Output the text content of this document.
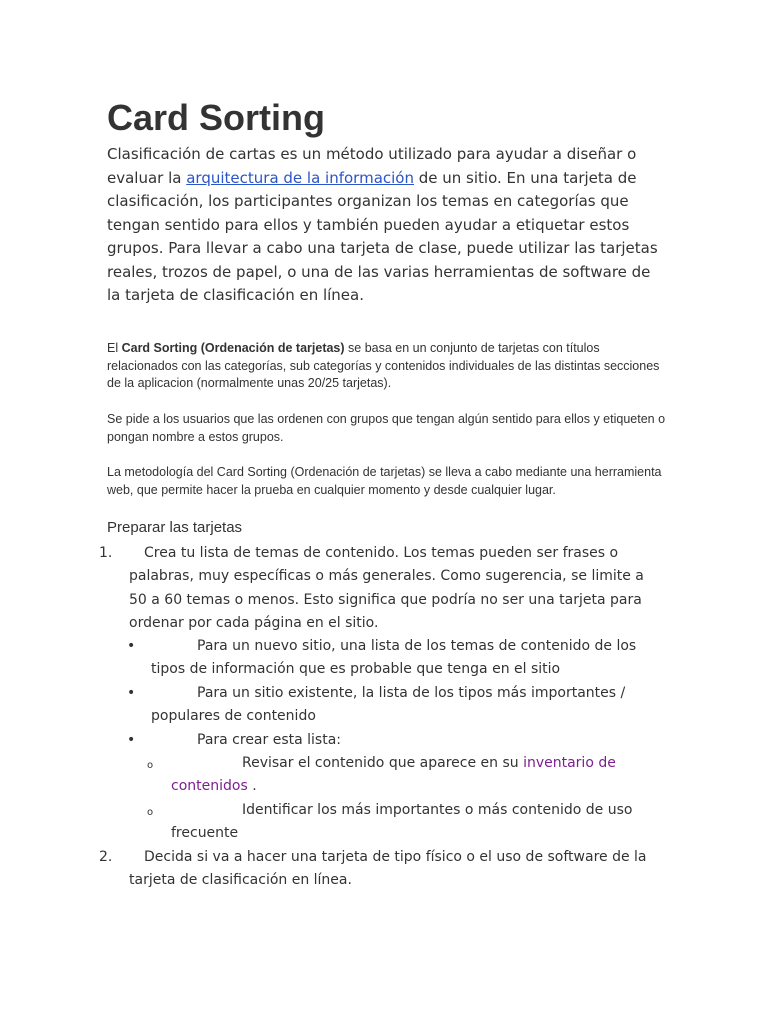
Card Sorting

Clasificación de cartas es un método utilizado para ayudar a diseñar o evaluar la arquitectura de la información de un sitio. En una tarjeta de clasificación, los participantes organizan los temas en categorías que tengan sentido para ellos y también pueden ayudar a etiquetar estos grupos. Para llevar a cabo una tarjeta de clase, puede utilizar las tarjetas reales, trozos de papel, o una de las varias herramientas de software de la tarjeta de clasificación en línea.

El Card Sorting (Ordenación de tarjetas) se basa en un conjunto de tarjetas con títulos relacionados con las categorías, sub categorías y contenidos individuales de las distintas secciones de la aplicacion (normalmente unas 20/25 tarjetas).

Se pide a los usuarios que las ordenen con grupos que tengan algún sentido para ellos y etiqueten o pongan nombre a estos grupos.

La metodología del Card Sorting (Ordenación de tarjetas) se lleva a cabo mediante una herramienta web, que permite hacer la prueba en cualquier momento y desde cualquier lugar.

Preparar las tarjetas
1.	Crea tu lista de temas de contenido. Los temas pueden ser frases o palabras, muy específicas o más generales. Como sugerencia, se limite a 50 a 60 temas o menos. Esto significa que podría no ser una tarjeta para ordenar por cada página en el sitio.
•	Para un nuevo sitio, una lista de los temas de contenido de los tipos de información que es probable que tenga en el sitio
•	Para un sitio existente, la lista de los tipos más importantes / populares de contenido
•	Para crear esta lista:
o	Revisar el contenido que aparece en su inventario de contenidos .
o	Identificar los más importantes o más contenido de uso frecuente
2.	Decida si va a hacer una tarjeta de tipo físico o el uso de software de la tarjeta de clasificación en línea.
